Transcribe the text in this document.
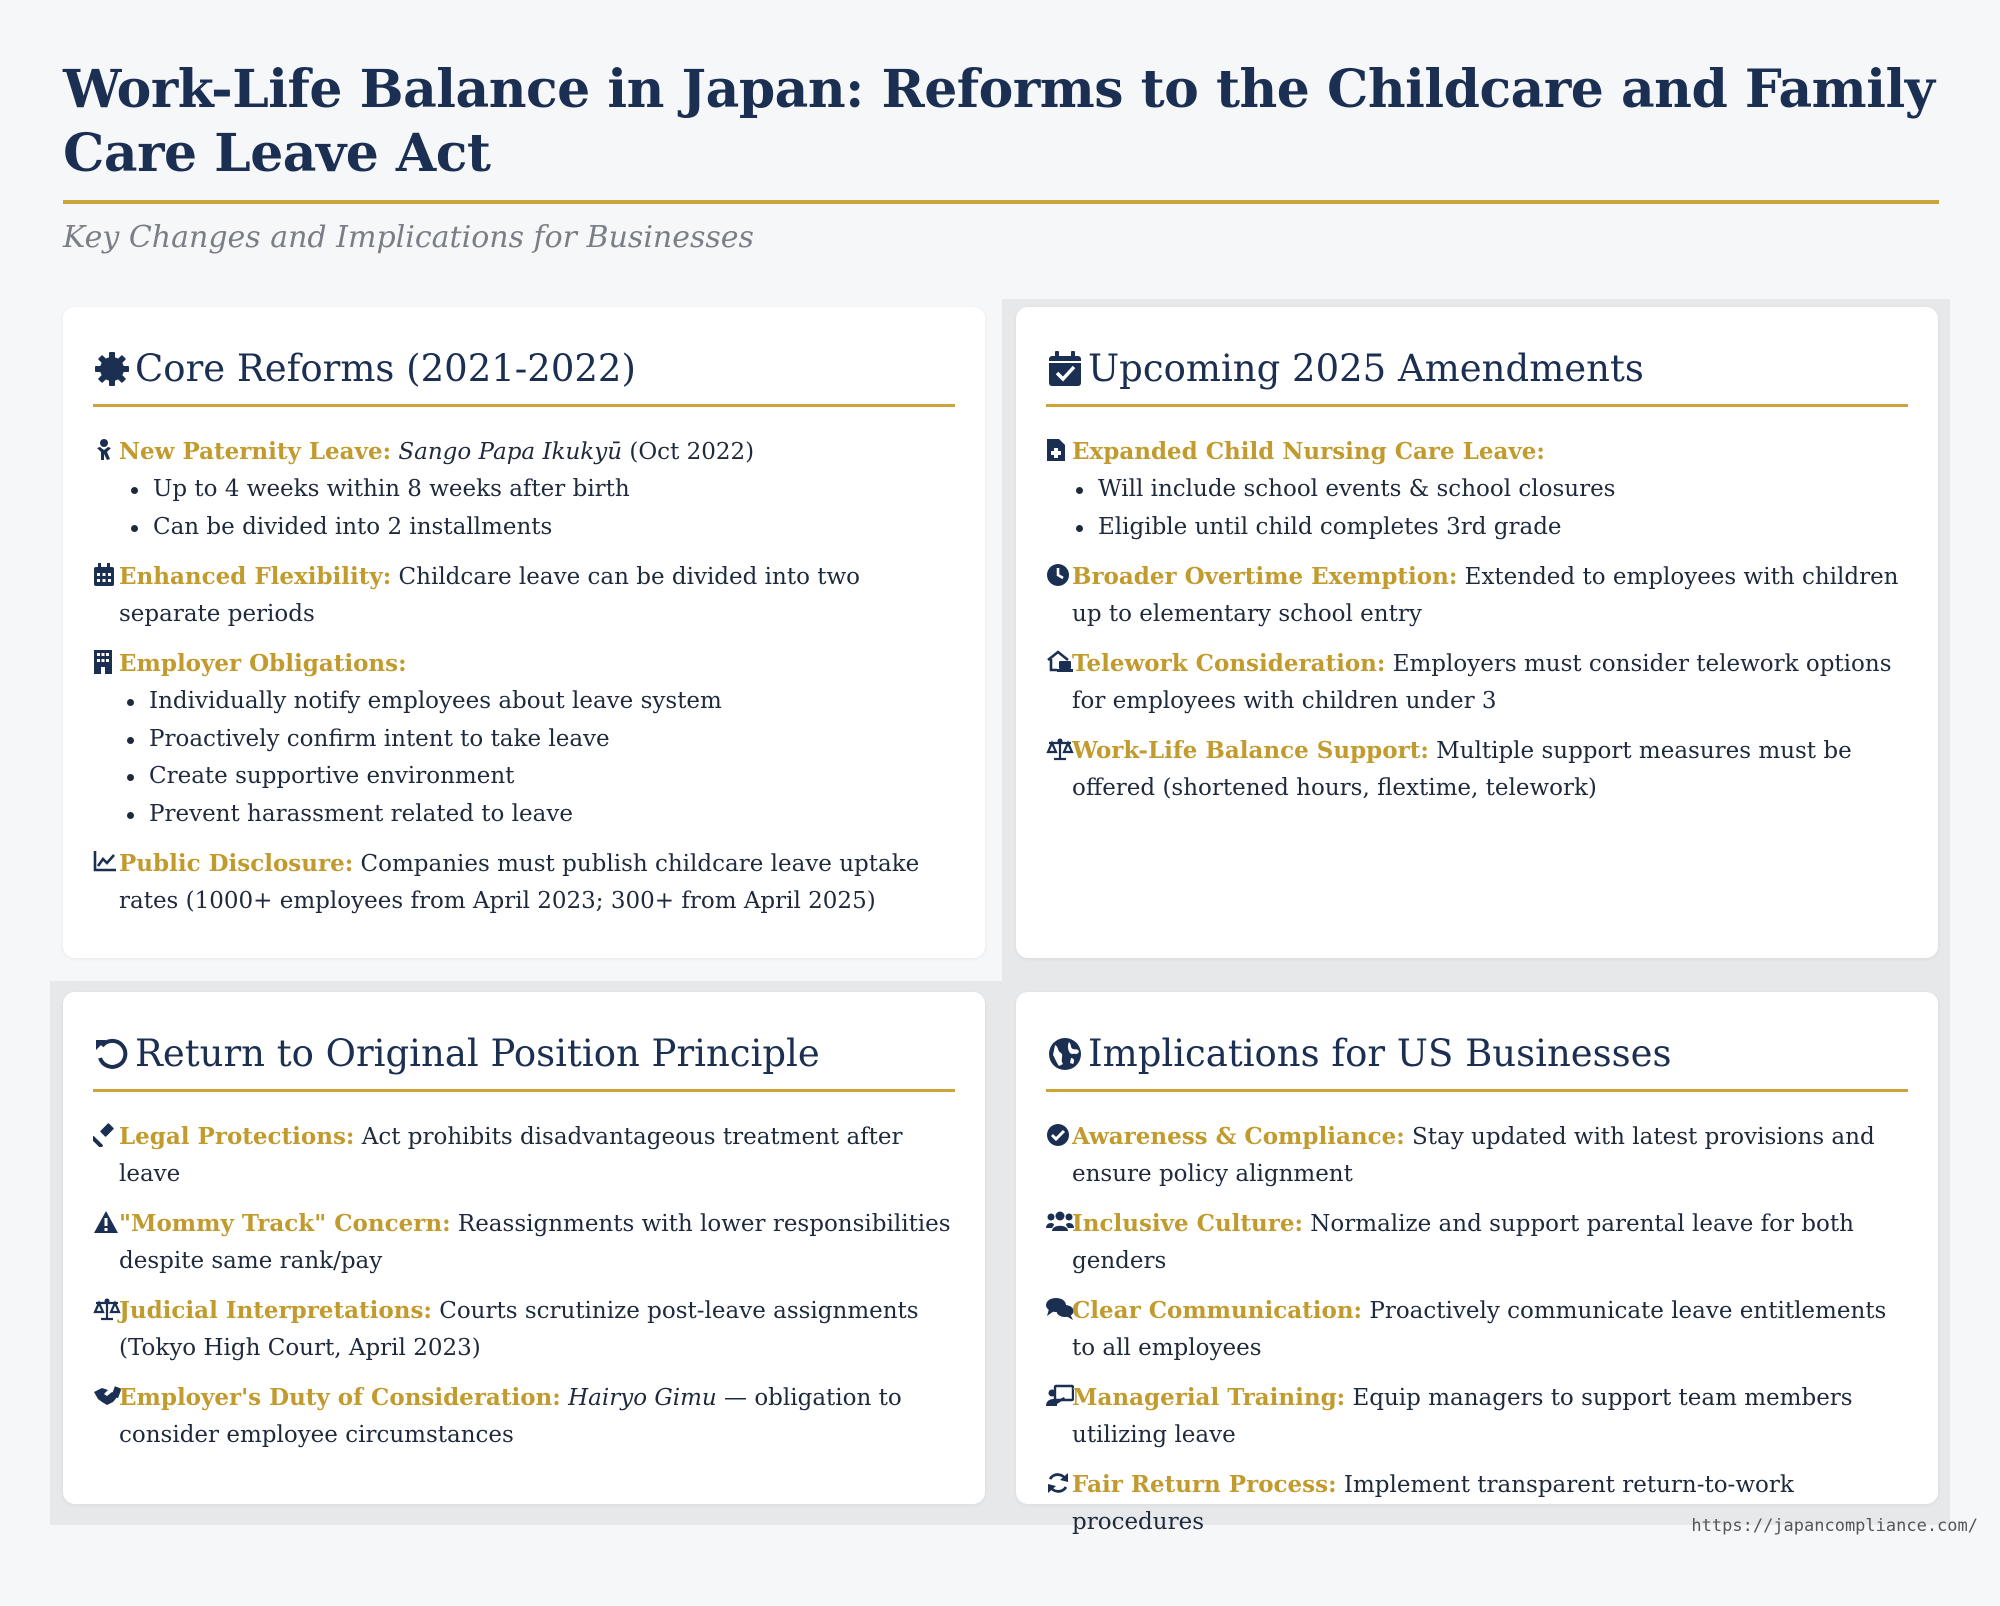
Work-Life Balance in Japan: Reforms to the Childcare and Family Care Leave Act
Key Changes and Implications for Businesses
Core Reforms (2021-2022)
New Paternity Leave: Sango Papa Ikukyū (Oct 2022)
Up to 4 weeks within 8 weeks after birth
Can be divided into 2 installments
Enhanced Flexibility: Childcare leave can be divided into two separate periods
Employer Obligations:
Individually notify employees about leave system
Proactively confirm intent to take leave
Create supportive environment
Prevent harassment related to leave
Public Disclosure: Companies must publish childcare leave uptake rates (1000+ employees from April 2023; 300+ from April 2025)
Upcoming 2025 Amendments
Expanded Child Nursing Care Leave:
Will include school events & school closures
Eligible until child completes 3rd grade
Broader Overtime Exemption: Extended to employees with children up to elementary school entry
Telework Consideration: Employers must consider telework options for employees with children under 3
Work-Life Balance Support: Multiple support measures must be offered (shortened hours, flextime, telework)
Return to Original Position Principle
Legal Protections: Act prohibits disadvantageous treatment after leave
"Mommy Track" Concern: Reassignments with lower responsibilities despite same rank/pay
Judicial Interpretations: Courts scrutinize post-leave assignments (Tokyo High Court, April 2023)
Employer's Duty of Consideration: Hairyo Gimu — obligation to consider employee circumstances
Implications for US Businesses
Awareness & Compliance: Stay updated with latest provisions and ensure policy alignment
Inclusive Culture: Normalize and support parental leave for both genders
Clear Communication: Proactively communicate leave entitlements to all employees
Managerial Training: Equip managers to support team members utilizing leave
Fair Return Process: Implement transparent return-to-work procedures	https://japancompliance.com/
